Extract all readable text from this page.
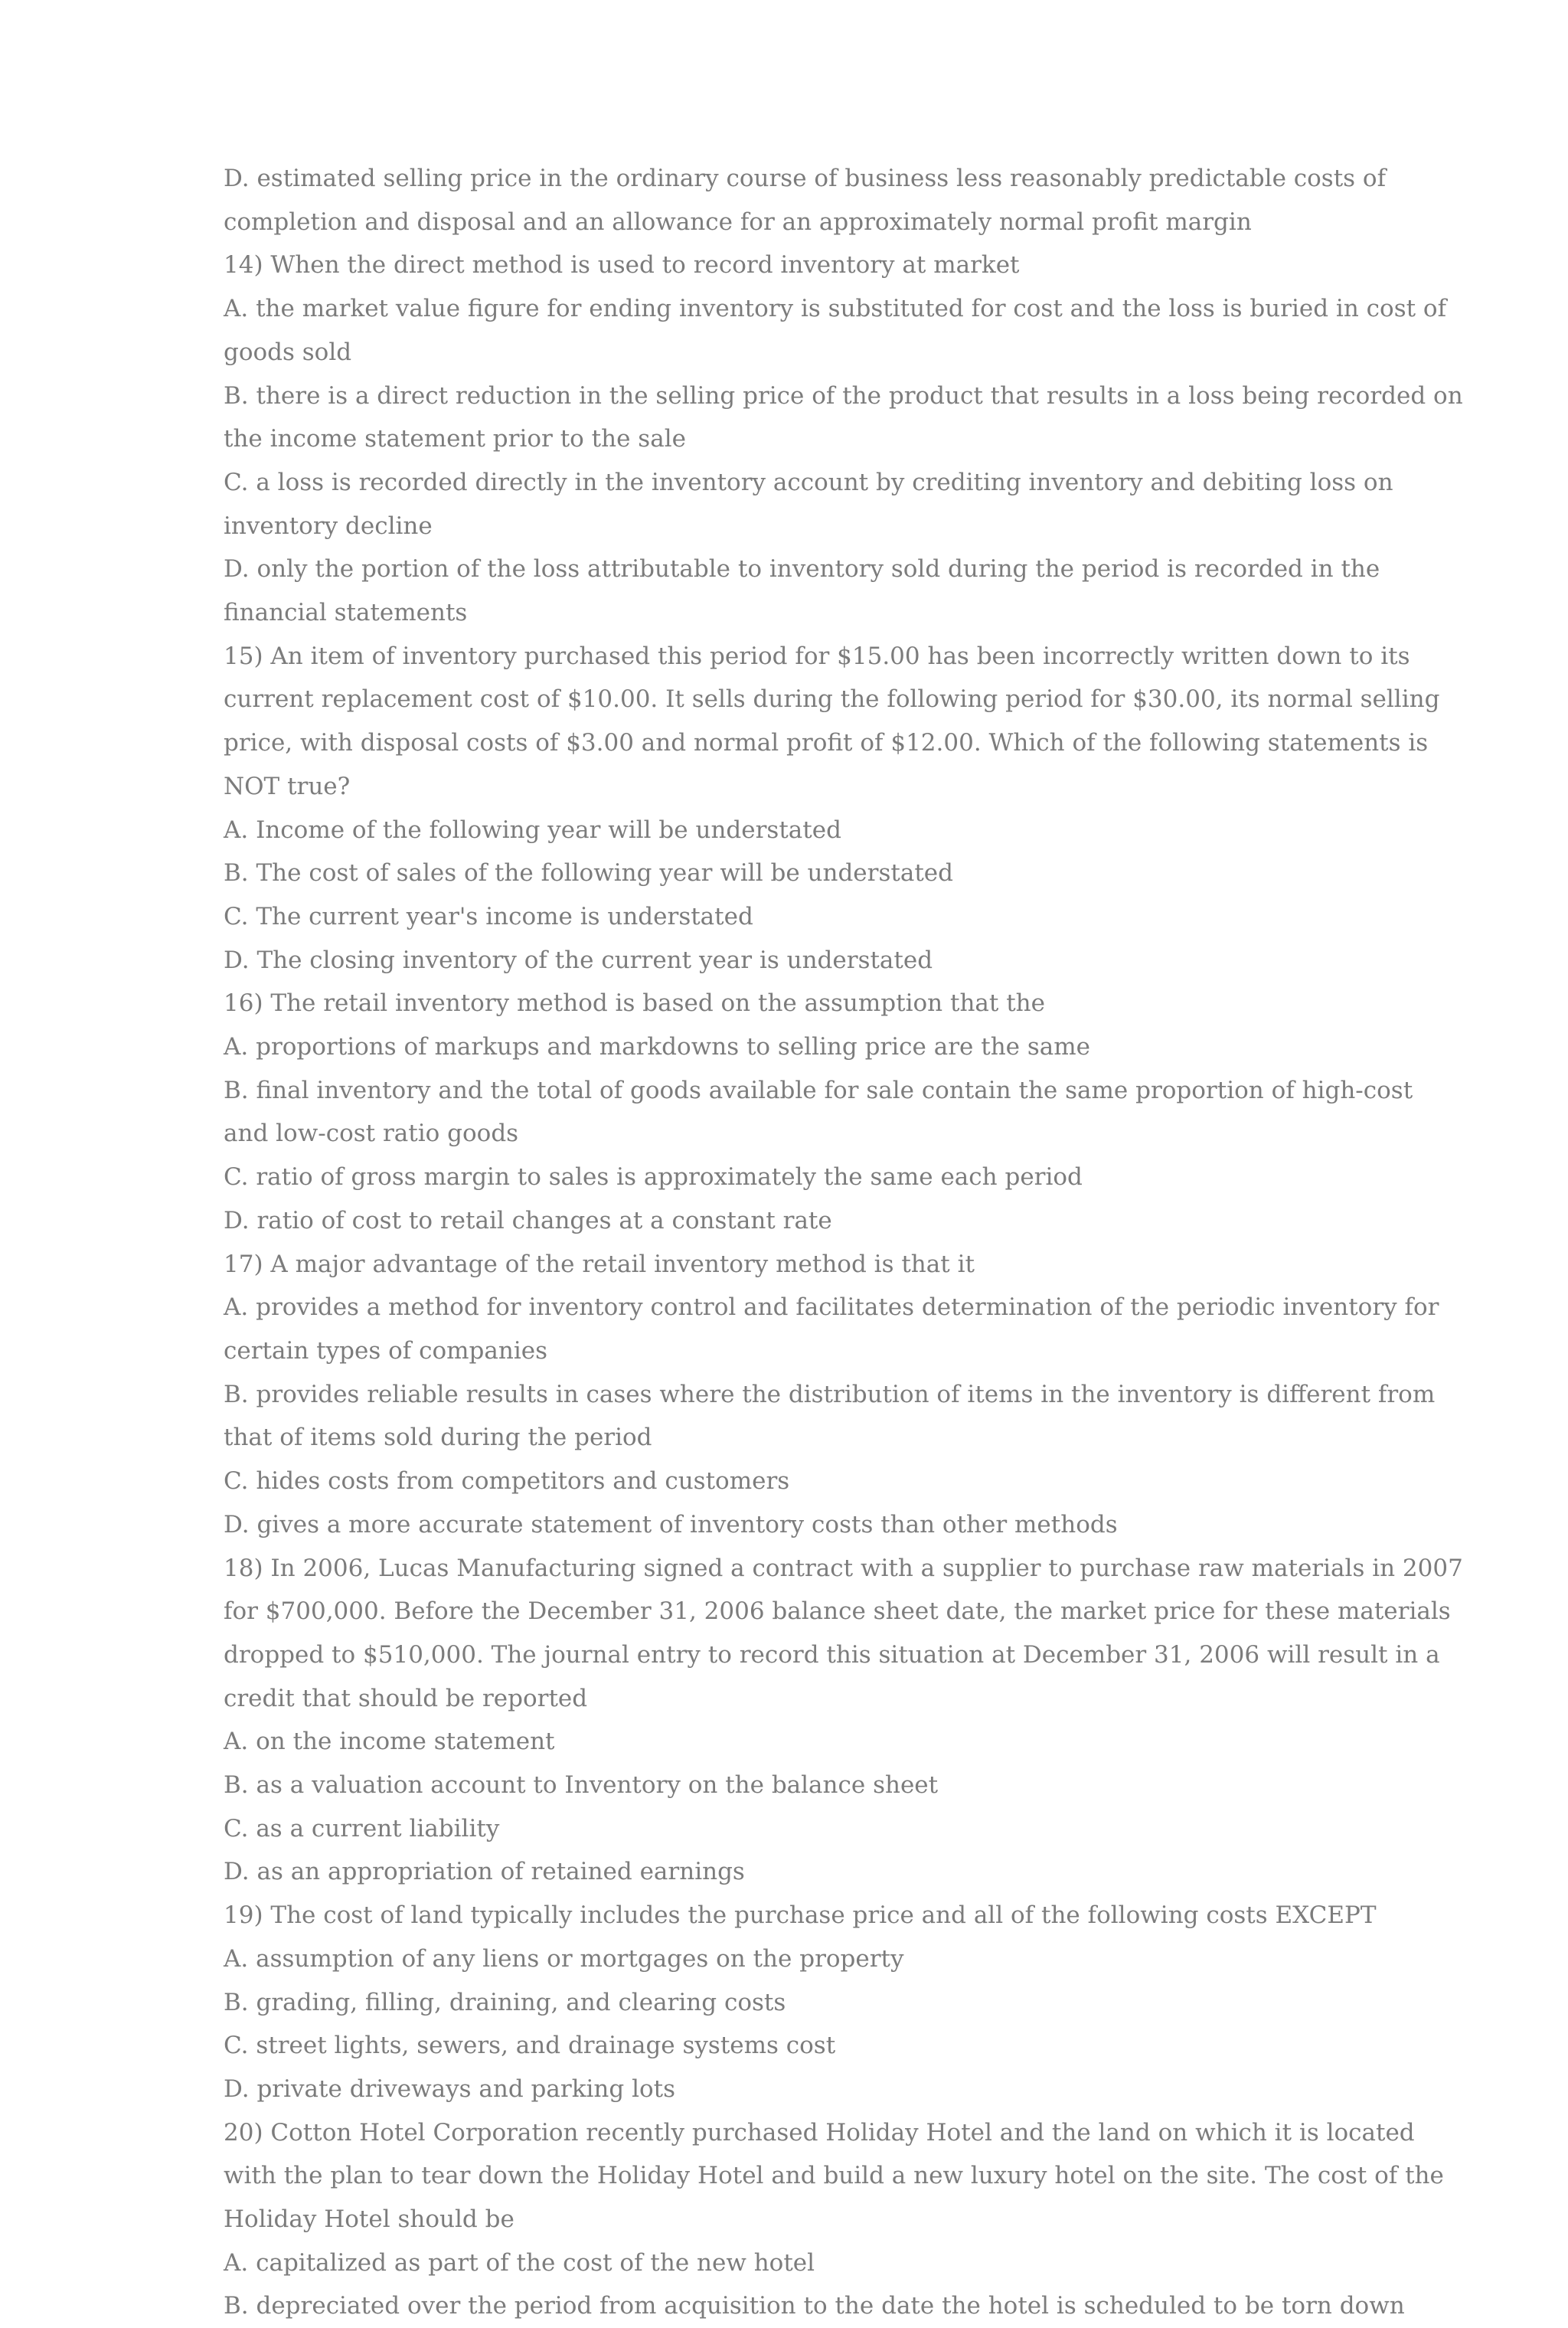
D. estimated selling price in the ordinary course of business less reasonably predictable costs of completion and disposal and an allowance for an approximately normal profit margin

14) When the direct method is used to record inventory at market

A. the market value figure for ending inventory is substituted for cost and the loss is buried in cost of goods sold

B. there is a direct reduction in the selling price of the product that results in a loss being recorded on the income statement prior to the sale

C. a loss is recorded directly in the inventory account by crediting inventory and debiting loss on inventory decline

D. only the portion of the loss attributable to inventory sold during the period is recorded in the financial statements

15) An item of inventory purchased this period for $15.00 has been incorrectly written down to its current replacement cost of $10.00. It sells during the following period for $30.00, its normal selling price, with disposal costs of $3.00 and normal profit of $12.00. Which of the following statements is NOT true?

A. Income of the following year will be understated

B. The cost of sales of the following year will be understated

C. The current year's income is understated

D. The closing inventory of the current year is understated

16) The retail inventory method is based on the assumption that the

A. proportions of markups and markdowns to selling price are the same

B. final inventory and the total of goods available for sale contain the same proportion of high-cost and low-cost ratio goods

C. ratio of gross margin to sales is approximately the same each period

D. ratio of cost to retail changes at a constant rate

17) A major advantage of the retail inventory method is that it

A. provides a method for inventory control and facilitates determination of the periodic inventory for certain types of companies

B. provides reliable results in cases where the distribution of items in the inventory is different from that of items sold during the period

C. hides costs from competitors and customers

D. gives a more accurate statement of inventory costs than other methods

18) In 2006, Lucas Manufacturing signed a contract with a supplier to purchase raw materials in 2007 for $700,000. Before the December 31, 2006 balance sheet date, the market price for these materials dropped to $510,000. The journal entry to record this situation at December 31, 2006 will result in a credit that should be reported

A. on the income statement

B. as a valuation account to Inventory on the balance sheet

C. as a current liability

D. as an appropriation of retained earnings

19) The cost of land typically includes the purchase price and all of the following costs EXCEPT

A. assumption of any liens or mortgages on the property

B. grading, filling, draining, and clearing costs

C. street lights, sewers, and drainage systems cost

D. private driveways and parking lots

20) Cotton Hotel Corporation recently purchased Holiday Hotel and the land on which it is located with the plan to tear down the Holiday Hotel and build a new luxury hotel on the site. The cost of the Holiday Hotel should be

A. capitalized as part of the cost of the new hotel

B. depreciated over the period from acquisition to the date the hotel is scheduled to be torn down
